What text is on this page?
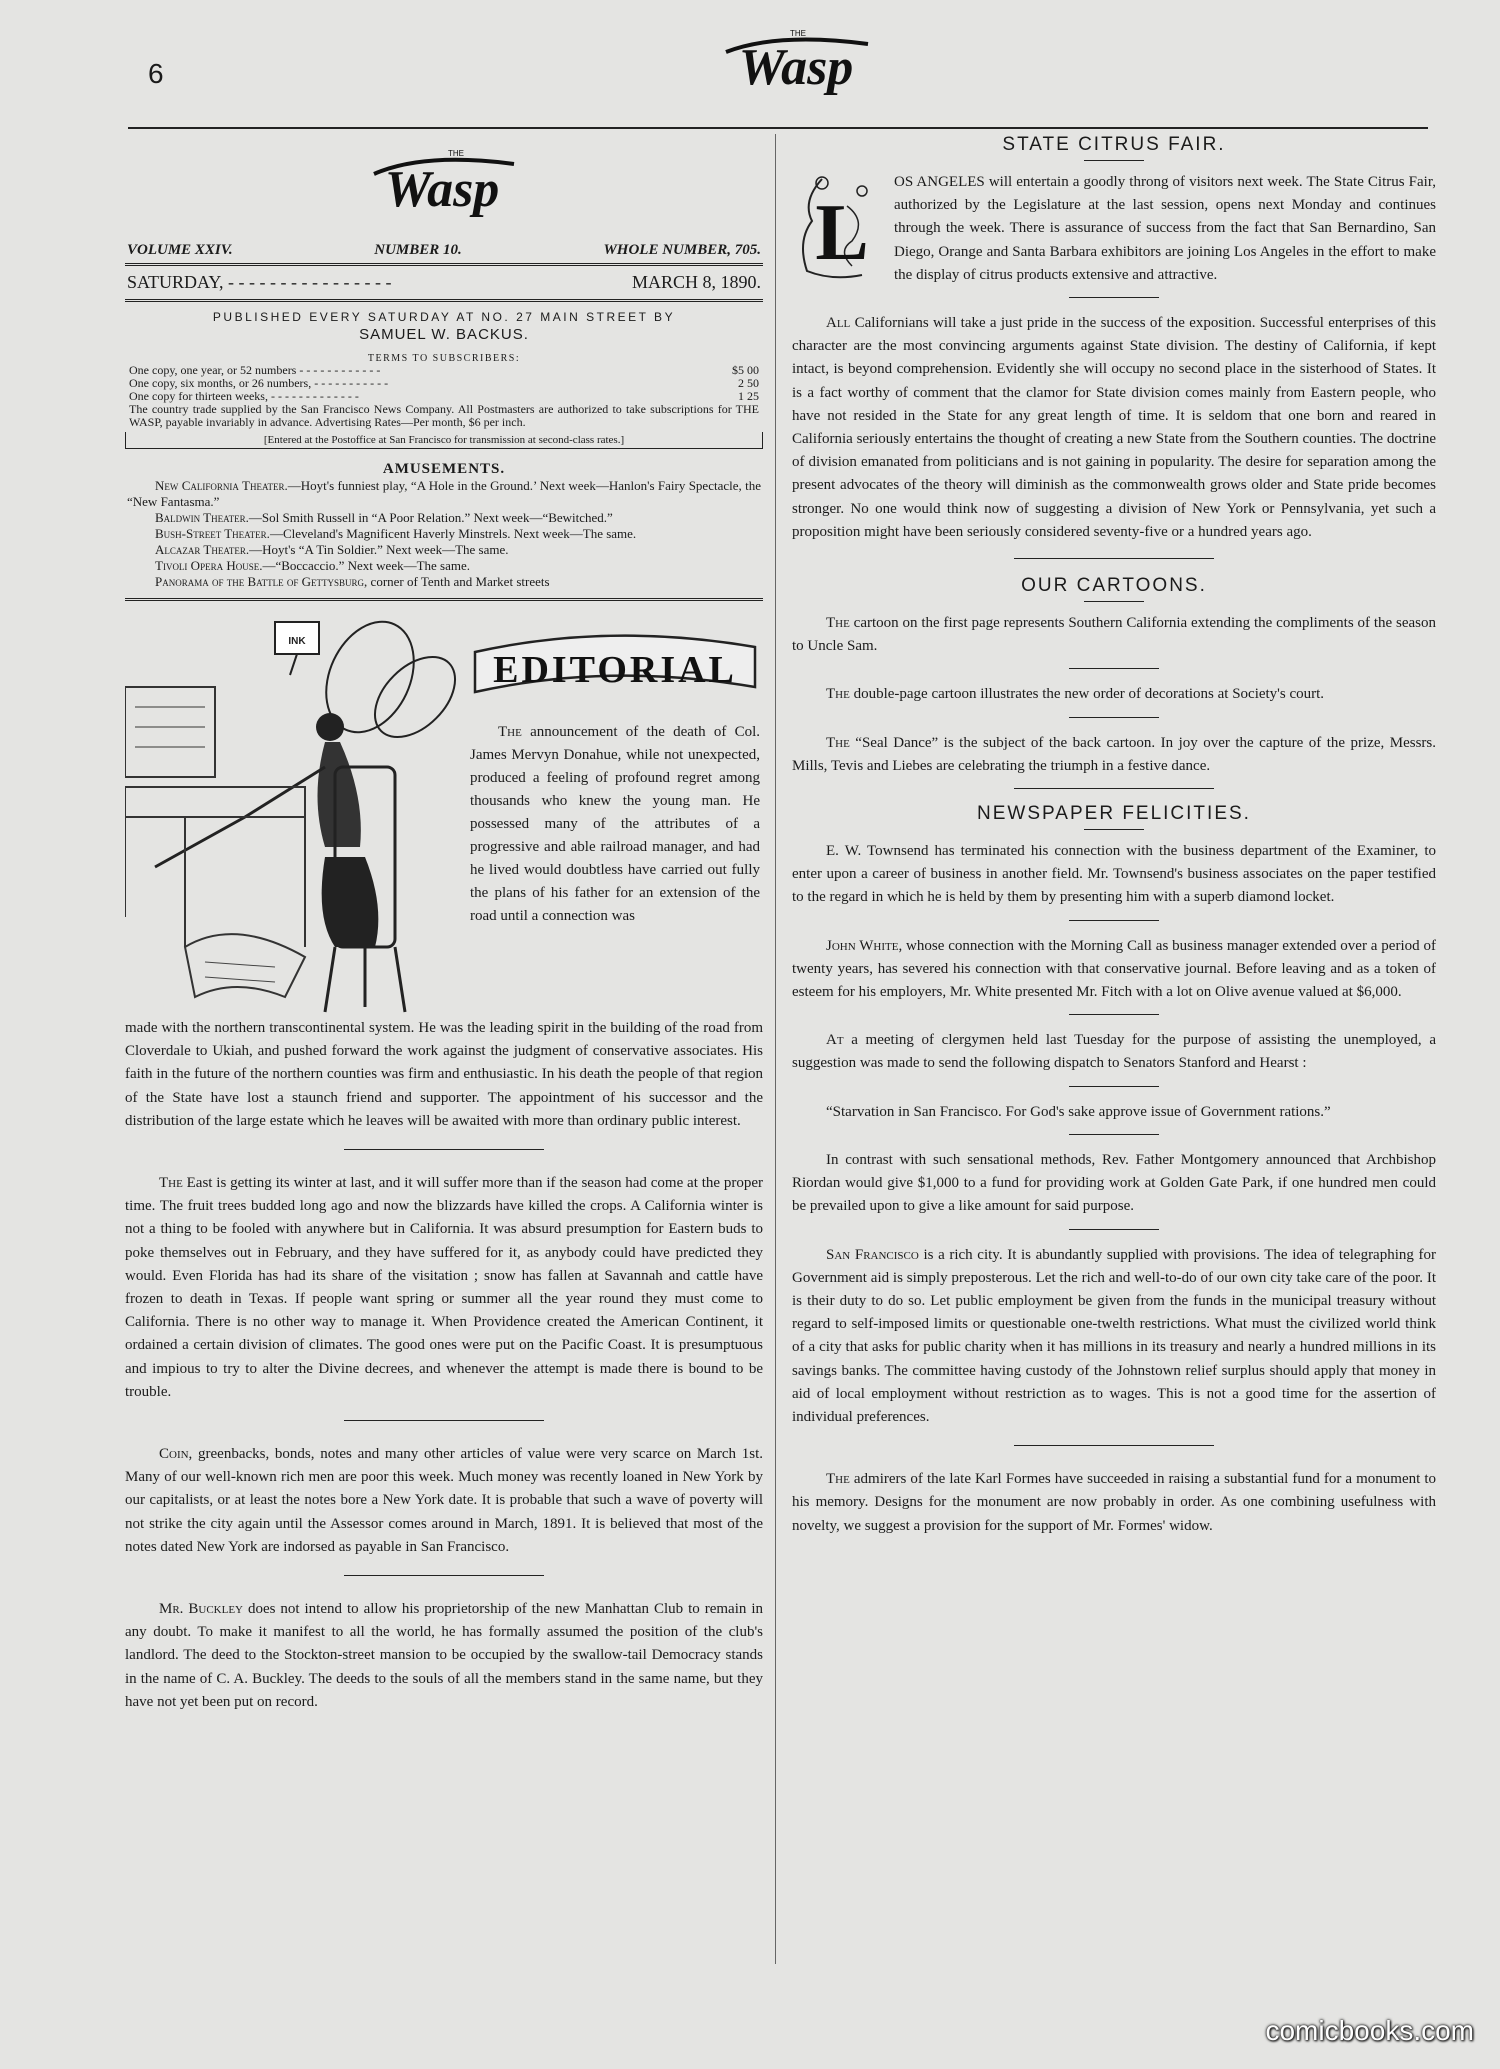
6
THE
Wasp
THE
Wasp
VOLUME XXIV.	NUMBER 10.	WHOLE NUMBER, 705.
SATURDAY, - - - - - - - - - - - - - - - -	MARCH 8, 1890.
PUBLISHED EVERY SATURDAY AT NO. 27 MAIN STREET BY
SAMUEL W. BACKUS.
TERMS TO SUBSCRIBERS:
One copy, one year, or 52 numbers - - - - - - - - - - - -	$5 00
One copy, six months, or 26 numbers, - - - - - - - - - - -	2 50
One copy for thirteen weeks, - - - - - - - - - - - - -	1 25
The country trade supplied by the San Francisco News Company. All Postmasters are authorized to take subscriptions for THE WASP, payable invariably in advance. Advertising Rates—Per month, $6 per inch.
[Entered at the Postoffice at San Francisco for transmission at second-class rates.]
AMUSEMENTS.
New California Theater.—Hoyt's funniest play, “A Hole in the Ground.’ Next week—Hanlon's Fairy Spectacle, the “New Fantasma.”
Baldwin Theater.—Sol Smith Russell in “A Poor Relation.” Next week—“Bewitched.”
Bush-Street Theater.—Cleveland's Magnificent Haverly Minstrels. Next week—The same.
Alcazar Theater.—Hoyt's “A Tin Soldier.” Next week—The same.
Tivoli Opera House.—“Boccaccio.” Next week—The same.
Panorama of the Battle of Gettysburg, corner of Tenth and Market streets
INK
EDITORIAL
The announcement of the death of Col. James Mervyn Donahue, while not unexpected, produced a feeling of profound regret among thousands who knew the young man. He possessed many of the attributes of a progressive and able railroad manager, and had he lived would doubtless have carried out fully the plans of his father for an extension of the road until a connection was

made with the northern transcontinental system. He was the leading spirit in the building of the road from Cloverdale to Ukiah, and pushed forward the work against the judgment of conservative associates. His faith in the future of the northern counties was firm and enthusiastic. In his death the people of that region of the State have lost a staunch friend and supporter. The appointment of his successor and the distribution of the large estate which he leaves will be awaited with more than ordinary public interest.

The East is getting its winter at last, and it will suffer more than if the season had come at the proper time. The fruit trees budded long ago and now the blizzards have killed the crops. A California winter is not a thing to be fooled with anywhere but in California. It was absurd presumption for Eastern buds to poke themselves out in February, and they have suffered for it, as anybody could have predicted they would. Even Florida has had its share of the visitation ; snow has fallen at Savannah and cattle have frozen to death in Texas. If people want spring or summer all the year round they must come to California. There is no other way to manage it. When Providence created the American Continent, it ordained a certain division of climates. The good ones were put on the Pacific Coast. It is presumptuous and impious to try to alter the Divine decrees, and whenever the attempt is made there is bound to be trouble.

Coin, greenbacks, bonds, notes and many other articles of value were very scarce on March 1st. Many of our well-known rich men are poor this week. Much money was recently loaned in New York by our capitalists, or at least the notes bore a New York date. It is probable that such a wave of poverty will not strike the city again until the Assessor comes around in March, 1891. It is believed that most of the notes dated New York are indorsed as payable in San Francisco.

Mr. Buckley does not intend to allow his proprietorship of the new Manhattan Club to remain in any doubt. To make it manifest to all the world, he has formally assumed the position of the club's landlord. The deed to the Stockton-street mansion to be occupied by the swallow-tail Democracy stands in the name of C. A. Buckley. The deeds to the souls of all the members stand in the same name, but they have not yet been put on record.

STATE CITRUS FAIR.
L

OS ANGELES will entertain a goodly throng of visitors next week. The State Citrus Fair, authorized by the Legislature at the last session, opens next Monday and continues through the week. There is assurance of success from the fact that San Bernardino, San Diego, Orange and Santa Barbara exhibitors are joining Los Angeles in the effort to make the display of citrus products extensive and attractive.

All Californians will take a just pride in the success of the exposition. Successful enterprises of this character are the most convincing arguments against State division. The destiny of California, if kept intact, is beyond comprehension. Evidently she will occupy no second place in the sisterhood of States. It is a fact worthy of comment that the clamor for State division comes mainly from Eastern people, who have not resided in the State for any great length of time. It is seldom that one born and reared in California seriously entertains the thought of creating a new State from the Southern counties. The doctrine of division emanated from politicians and is not gaining in popularity. The desire for separation among the present advocates of the theory will diminish as the commonwealth grows older and State pride becomes stronger. No one would think now of suggesting a division of New York or Pennsylvania, yet such a proposition might have been seriously considered seventy-five or a hundred years ago.

OUR CARTOONS.

The cartoon on the first page represents Southern California extending the compliments of the season to Uncle Sam.

The double-page cartoon illustrates the new order of decorations at Society's court.

The “Seal Dance” is the subject of the back cartoon. In joy over the capture of the prize, Messrs. Mills, Tevis and Liebes are celebrating the triumph in a festive dance.

NEWSPAPER FELICITIES.

E. W. Townsend has terminated his connection with the business department of the Examiner, to enter upon a career of business in another field. Mr. Townsend's business associates on the paper testified to the regard in which he is held by them by presenting him with a superb diamond locket.

John White, whose connection with the Morning Call as business manager extended over a period of twenty years, has severed his connection with that conservative journal. Before leaving and as a token of esteem for his employers, Mr. White presented Mr. Fitch with a lot on Olive avenue valued at $6,000.

At a meeting of clergymen held last Tuesday for the purpose of assisting the unemployed, a suggestion was made to send the following dispatch to Senators Stanford and Hearst :

“Starvation in San Francisco. For God's sake approve issue of Government rations.”

In contrast with such sensational methods, Rev. Father Montgomery announced that Archbishop Riordan would give $1,000 to a fund for providing work at Golden Gate Park, if one hundred men could be prevailed upon to give a like amount for said purpose.

San Francisco is a rich city. It is abundantly supplied with provisions. The idea of telegraphing for Government aid is simply preposterous. Let the rich and well-to-do of our own city take care of the poor. It is their duty to do so. Let public employment be given from the funds in the municipal treasury without regard to self-imposed limits or questionable one-twelth restrictions. What must the civilized world think of a city that asks for public charity when it has millions in its treasury and nearly a hundred millions in its savings banks. The committee having custody of the Johnstown relief surplus should apply that money in aid of local employment without restriction as to wages. This is not a good time for the assertion of individual preferences.

The admirers of the late Karl Formes have succeeded in raising a substantial fund for a monument to his memory. Designs for the monument are now probably in order. As one combining usefulness with novelty, we suggest a provision for the support of Mr. Formes' widow.

comicbooks.com
